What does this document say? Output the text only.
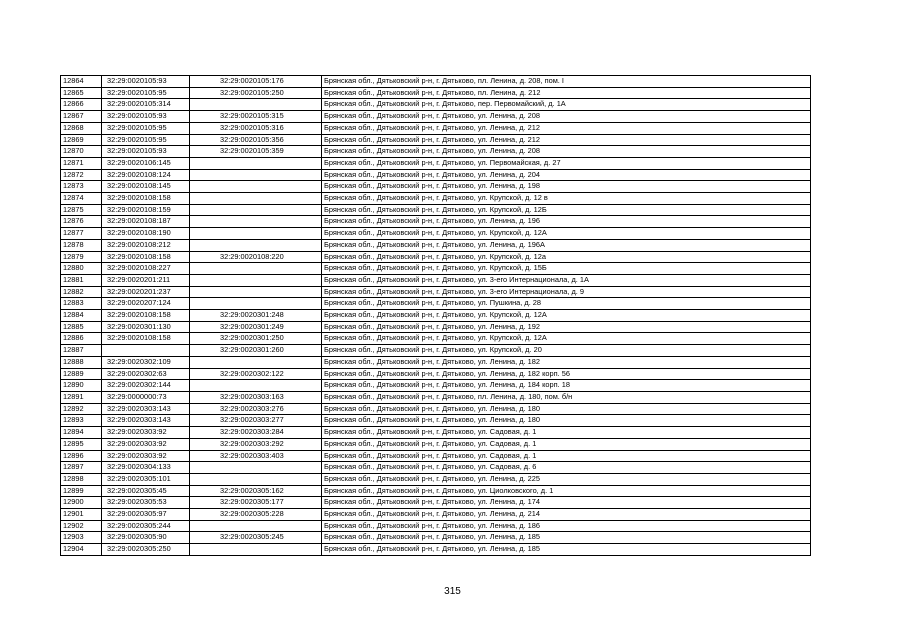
12864	32:29:0020105:93	32:29:0020105:176	Брянская обл., Дятьковский р-н, г. Дятьково, пл. Ленина, д. 208, пом. I
12865	32:29:0020105:95	32:29:0020105:250	Брянская обл., Дятьковский р-н, г. Дятьково, пл. Ленина, д. 212
12866	32:29:0020105:314		Брянская обл., Дятьковский р-н, г. Дятьково, пер. Первомайский, д. 1А
12867	32:29:0020105:93	32:29:0020105:315	Брянская обл., Дятьковский р-н, г. Дятьково, ул. Ленина, д. 208
12868	32:29:0020105:95	32:29:0020105:316	Брянская обл., Дятьковский р-н, г. Дятьково, ул. Ленина, д. 212
12869	32:29:0020105:95	32:29:0020105:356	Брянская обл., Дятьковский р-н, г. Дятьково, ул. Ленина, д. 212
12870	32:29:0020105:93	32:29:0020105:359	Брянская обл., Дятьковский р-н, г. Дятьково, ул. Ленина, д. 208
12871	32:29:0020106:145		Брянская обл., Дятьковский р-н, г. Дятьково, ул. Первомайская, д. 27
12872	32:29:0020108:124		Брянская обл., Дятьковский р-н, г. Дятьково, ул. Ленина, д. 204
12873	32:29:0020108:145		Брянская обл., Дятьковский р-н, г. Дятьково, ул. Ленина, д. 198
12874	32:29:0020108:158		Брянская обл., Дятьковский р-н, г. Дятьково, ул. Крупской, д. 12 в
12875	32:29:0020108:159		Брянская обл., Дятьковский р-н, г. Дятьково, ул. Крупской, д. 12Б
12876	32:29:0020108:187		Брянская обл., Дятьковский р-н, г. Дятьково, ул. Ленина, д. 196
12877	32:29:0020108:190		Брянская обл., Дятьковский р-н, г. Дятьково, ул. Крупской, д. 12А
12878	32:29:0020108:212		Брянская обл., Дятьковский р-н, г. Дятьково, ул. Ленина, д. 196А
12879	32:29:0020108:158	32:29:0020108:220	Брянская обл., Дятьковский р-н, г. Дятьково, ул. Крупской, д. 12а
12880	32:29:0020108:227		Брянская обл., Дятьковский р-н, г. Дятьково, ул. Крупской, д. 15Б
12881	32:29:0020201:211		Брянская обл., Дятьковский р-н, г. Дятьково, ул. 3-его Интернационала, д. 1А
12882	32:29:0020201:237		Брянская обл., Дятьковский р-н, г. Дятьково, ул. 3-его Интернационала, д. 9
12883	32:29:0020207:124		Брянская обл., Дятьковский р-н, г. Дятьково, ул. Пушкина, д. 28
12884	32:29:0020108:158	32:29:0020301:248	Брянская обл., Дятьковский р-н, г. Дятьково, ул. Крупской, д. 12А
12885	32:29:0020301:130	32:29:0020301:249	Брянская обл., Дятьковский р-н, г. Дятьково, ул. Ленина, д. 192
12886	32:29:0020108:158	32:29:0020301:250	Брянская обл., Дятьковский р-н, г. Дятьково, ул. Крупской, д. 12А
12887		32:29:0020301:260	Брянская обл., Дятьковский р-н, г. Дятьково, ул. Крупской, д. 20
12888	32:29:0020302:109		Брянская обл., Дятьковский р-н, г. Дятьково, ул. Ленина, д. 182
12889	32:29:0020302:63	32:29:0020302:122	Брянская обл., Дятьковский р-н, г. Дятьково, ул. Ленина, д. 182 корп. 56
12890	32:29:0020302:144		Брянская обл., Дятьковский р-н, г. Дятьково, ул. Ленина, д. 184 корп. 18
12891	32:29:0000000:73	32:29:0020303:163	Брянская обл., Дятьковский р-н, г. Дятьково, пл. Ленина, д. 180, пом. б/н
12892	32:29:0020303:143	32:29:0020303:276	Брянская обл., Дятьковский р-н, г. Дятьково, ул. Ленина, д. 180
12893	32:29:0020303:143	32:29:0020303:277	Брянская обл., Дятьковский р-н, г. Дятьково, ул. Ленина, д. 180
12894	32:29:0020303:92	32:29:0020303:284	Брянская обл., Дятьковский р-н, г. Дятьково, ул. Садовая, д. 1
12895	32:29:0020303:92	32:29:0020303:292	Брянская обл., Дятьковский р-н, г. Дятьково, ул. Садовая, д. 1
12896	32:29:0020303:92	32:29:0020303:403	Брянская обл., Дятьковский р-н, г. Дятьково, ул. Садовая, д. 1
12897	32:29:0020304:133		Брянская обл., Дятьковский р-н, г. Дятьково, ул. Садовая, д. 6
12898	32:29:0020305:101		Брянская обл., Дятьковский р-н, г. Дятьково, ул. Ленина, д. 225
12899	32:29:0020305:45	32:29:0020305:162	Брянская обл., Дятьковский р-н, г. Дятьково, ул. Циолковского, д. 1
12900	32:29:0020305:53	32:29:0020305:177	Брянская обл., Дятьковский р-н, г. Дятьково, ул. Ленина, д. 174
12901	32:29:0020305:97	32:29:0020305:228	Брянская обл., Дятьковский р-н, г. Дятьково, ул. Ленина, д. 214
12902	32:29:0020305:244		Брянская обл., Дятьковский р-н, г. Дятьково, ул. Ленина, д. 186
12903	32:29:0020305:90	32:29:0020305:245	Брянская обл., Дятьковский р-н, г. Дятьково, ул. Ленина, д. 185
12904	32:29:0020305:250		Брянская обл., Дятьковский р-н, г. Дятьково, ул. Ленина, д. 185
315
